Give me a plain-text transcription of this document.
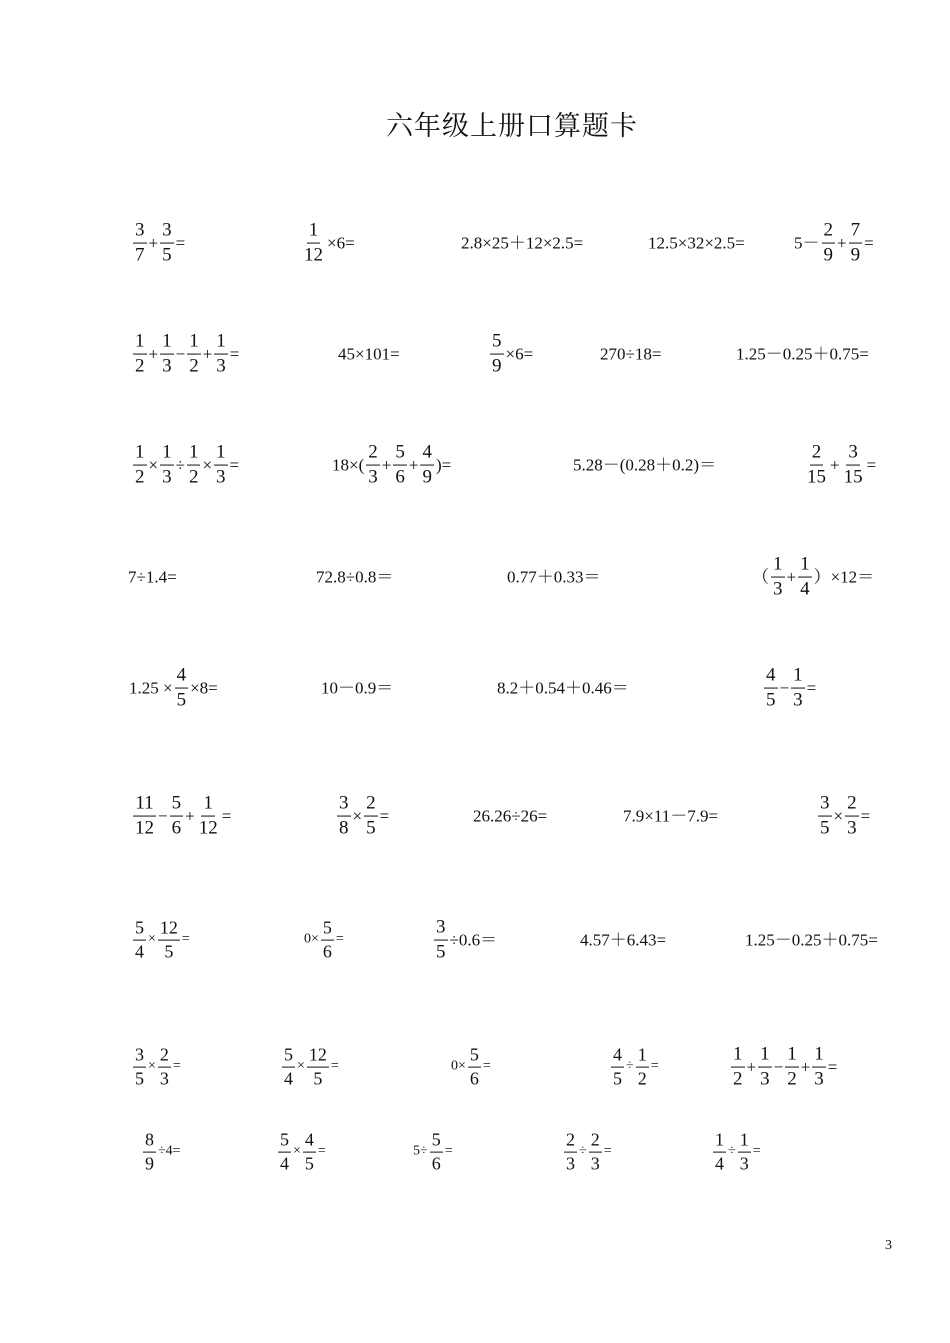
六年级上册口算题卡
$\frac{3}{7} + \frac{3}{5}$ =	$\frac{1}{12} \times 6=$	2.8×25＋12×2.5=	12.5×32×2.5=	$5- \frac{2}{9} + \frac{7}{9}$ =
$\frac{1}{2} + \frac{1}{3} - \frac{1}{2} + \frac{1}{3}$ =	45×101=	$\frac{5}{9} \times 6=$	270÷18=	1.25－0.25＋0.75=
$\frac{1}{2} \times \frac{1}{3} \div \frac{1}{2} \times \frac{1}{3}$ =	$18\times( \frac{2}{3} + \frac{5}{6} + \frac{4}{9}$ )=	5.28－(0.28＋0.2)＝	$\frac{2}{15} + \frac{3}{15}$ =
7÷1.4=	72.8÷0.8＝	0.77＋0.33＝	（ $\frac{1}{3} + \frac{1}{4} )\times 12=$
$1.25 \times \frac{4}{5} \times 8=$	10－0.9＝	8.2＋0.54＋0.46＝	$\frac{4}{5} - \frac{1}{3}$ =
$\frac{11}{12} - \frac{5}{6} + \frac{1}{12}$ =	$\frac{3}{8} \times \frac{2}{5}$ =	26.26÷26=	7.9×11－7.9=	$\frac{3}{5} \times \frac{2}{3}$ =
$\frac{5}{4} \times \frac{12}{5}$ =	$0\times \frac{5}{6}$ =	$\frac{3}{5} \div 0.6=$	4.57＋6.43=	1.25－0.25＋0.75=
$\frac{3}{5} \times \frac{2}{3}$ =	$\frac{5}{4} \times \frac{12}{5}$ =	$0\times \frac{5}{6}$ =	$\frac{4}{5} \div \frac{1}{2}$ =	$\frac{1}{2} + \frac{1}{3} - \frac{1}{2} + \frac{1}{3}$ =
$\frac{8}{9} \div 4=$	$\frac{5}{4} \times \frac{4}{5}$ =	$5\div \frac{5}{6}$ =	$\frac{2}{3} \div \frac{2}{3}$ =	$\frac{1}{4} \div \frac{1}{3}$ =
3
